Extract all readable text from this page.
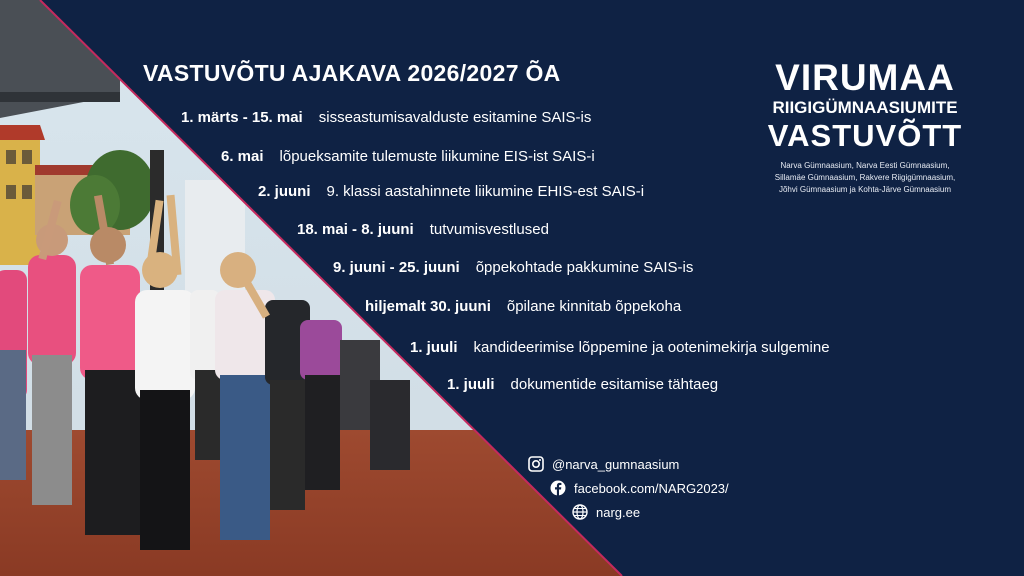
VASTUVÕTU AJAKAVA 2026/2027 ÕA
1. märts - 15. mai sisseastumisavalduste esitamine SAIS-is
6. mai lõpueksamite tulemuste liikumine EIS-ist SAIS-i
2. juuni 9. klassi aastahinnete liikumine EHIS-est SAIS-i
18. mai - 8. juuni tutvumisvestlused
9. juuni - 25. juuni õppekohtade pakkumine SAIS-is
hiljemalt 30. juuni õpilane kinnitab õppekoha
1. juuli kandideerimise lõppemine ja ootenimekirja sulgemine
1. juuli dokumentide esitamise tähtaeg
VIRUMAA
RIIGIGÜMNAASIUMITE
VASTUVÕTT
Narva Gümnaasium, Narva Eesti Gümnaasium,
Sillamäe Gümnaasium, Rakvere Riigigümnaasium,
Jõhvi Gümnaasium ja Kohta-Järve Gümnaasium
@narva_gumnaasium
facebook.com/NARG2023/
narg.ee
